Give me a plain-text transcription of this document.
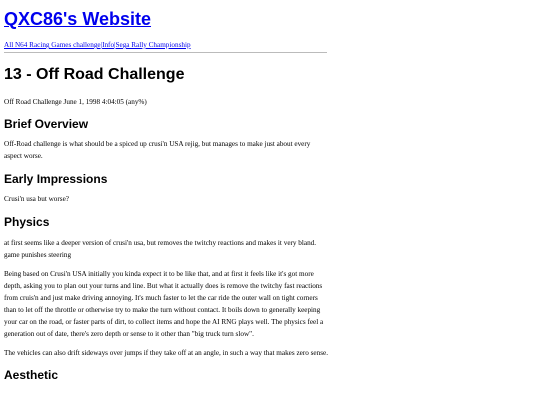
QXC86's Website
All N64 Racing Games challenge|Info|Sega Rally Championship
13 - Off Road Challenge

Off Road Challenge June 1, 1998 4:04:05 (any%)

Brief Overview

Off-Road challenge is what should be a spiced up crusi'n USA rejig, but manages to make just about every aspect worse.

Early Impressions

Crusi'n usa but worse?

Physics

at first seems like a deeper version of crusi'n usa, but removes the twitchy reactions and makes it very bland. game punishes steering

Being based on Crusi'n USA initially you kinda expect it to be like that, and at first it feels like it's got more depth, asking you to plan out your turns and line. But what it actually does is remove the twitchy fast reactions from cruis'n and just make driving annoying. It's much faster to let the car ride the outer wall on tight corners than to let off the throttle or otherwise try to make the turn without contact. It boils down to generally keeping your car on the road, or faster parts of dirt, to collect items and hope the AI RNG plays well. The physics feel a generation out of date, there's zero depth or sense to it other than "big truck turn slow".

The vehicles can also drift sideways over jumps if they take off at an angle, in such a way that makes zero sense.

Aesthetic
